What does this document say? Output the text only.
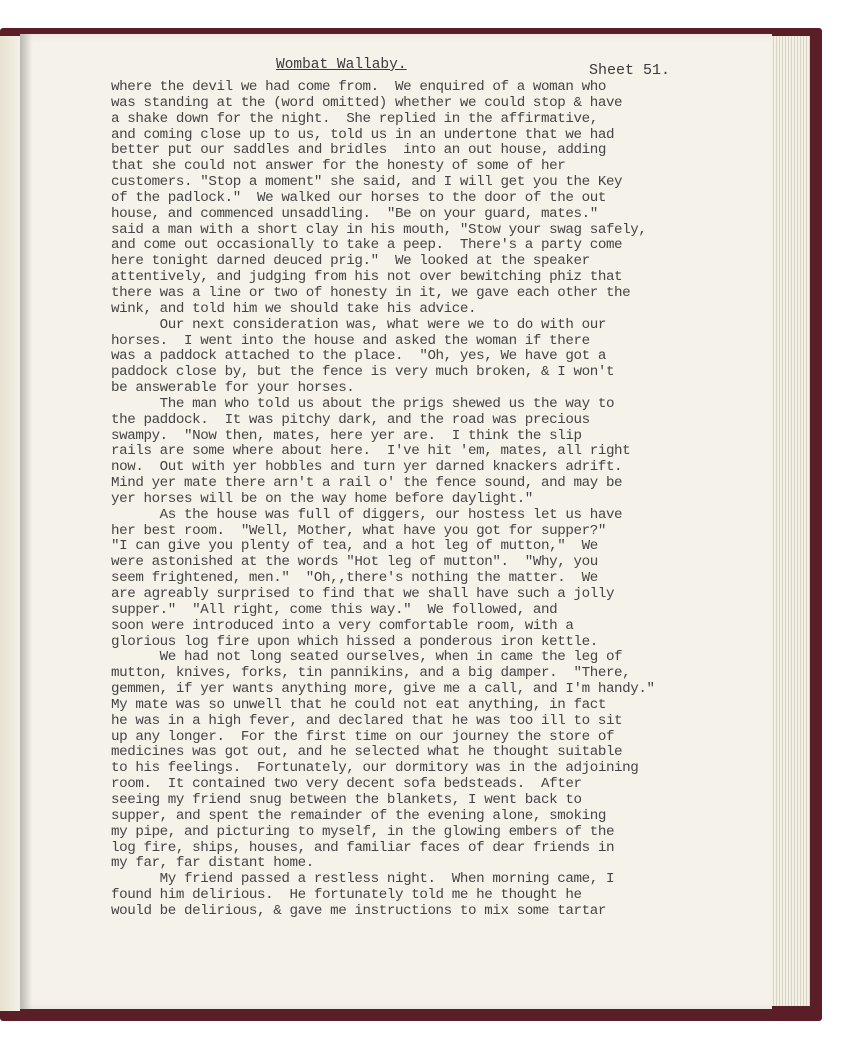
Wombat Wallaby.	Sheet 51.
where the devil we had come from.  We enquired of a woman who
was standing at the (word omitted) whether we could stop & have
a shake down for the night.  She replied in the affirmative,
and coming close up to us, told us in an undertone that we had
better put our saddles and bridles  into an out house, adding
that she could not answer for the honesty of some of her
customers. "Stop a moment" she said, and I will get you the Key
of the padlock."  We walked our horses to the door of the out
house, and commenced unsaddling.  "Be on your guard, mates."
said a man with a short clay in his mouth, "Stow your swag safely,
and come out occasionally to take a peep.  There's a party come
here tonight darned deuced prig."  We looked at the speaker
attentively, and judging from his not over bewitching phiz that
there was a line or two of honesty in it, we gave each other the
wink, and told him we should take his advice.
Our next consideration was, what were we to do with our
horses.  I went into the house and asked the woman if there
was a paddock attached to the place.  "Oh, yes, We have got a
paddock close by, but the fence is very much broken, & I won't
be answerable for your horses.
The man who told us about the prigs shewed us the way to
the paddock.  It was pitchy dark, and the road was precious
swampy.  "Now then, mates, here yer are.  I think the slip
rails are some where about here.  I've hit 'em, mates, all right
now.  Out with yer hobbles and turn yer darned knackers adrift.
Mind yer mate there arn't a rail o' the fence sound, and may be
yer horses will be on the way home before daylight."
As the house was full of diggers, our hostess let us have
her best room.  "Well, Mother, what have you got for supper?"
"I can give you plenty of tea, and a hot leg of mutton,"  We
were astonished at the words "Hot leg of mutton".  "Why, you
seem frightened, men."  "Oh,,there's nothing the matter.  We
are agreably surprised to find that we shall have such a jolly
supper."  "All right, come this way."  We followed, and
soon were introduced into a very comfortable room, with a
glorious log fire upon which hissed a ponderous iron kettle.
We had not long seated ourselves, when in came the leg of
mutton, knives, forks, tin pannikins, and a big damper.  "There,
gemmen, if yer wants anything more, give me a call, and I'm handy."
My mate was so unwell that he could not eat anything, in fact
he was in a high fever, and declared that he was too ill to sit
up any longer.  For the first time on our journey the store of
medicines was got out, and he selected what he thought suitable
to his feelings.  Fortunately, our dormitory was in the adjoining
room.  It contained two very decent sofa bedsteads.  After
seeing my friend snug between the blankets, I went back to
supper, and spent the remainder of the evening alone, smoking
my pipe, and picturing to myself, in the glowing embers of the
log fire, ships, houses, and familiar faces of dear friends in
my far, far distant home.
My friend passed a restless night.  When morning came, I
found him delirious.  He fortunately told me he thought he
would be delirious, & gave me instructions to mix some tartar
